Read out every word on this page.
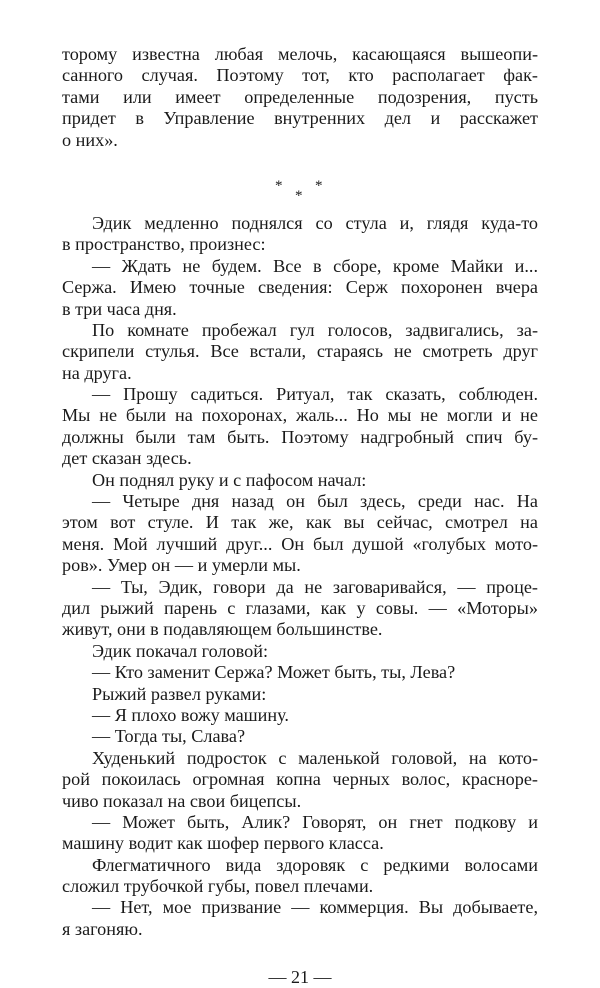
торому известна любая мелочь, касающаяся вышеопи-
санного случая. Поэтому тот, кто располагает фак-
тами или имеет определенные подозрения, пусть
придет в Управление внутренних дел и расскажет
о них».
*
*
*
Эдик медленно поднялся со стула и, глядя куда-то
в пространство, произнес:
— Ждать не будем. Все в сборе, кроме Майки и...
Сержа. Имею точные сведения: Серж похоронен вчера
в три часа дня.
По комнате пробежал гул голосов, задвигались, за-
скрипели стулья. Все встали, стараясь не смотреть друг
на друга.
— Прошу садиться. Ритуал, так сказать, соблюден.
Мы не были на похоронах, жаль... Но мы не могли и не
должны были там быть. Поэтому надгробный спич бу-
дет сказан здесь.
Он поднял руку и с пафосом начал:
— Четыре дня назад он был здесь, среди нас. На
этом вот стуле. И так же, как вы сейчас, смотрел на
меня. Мой лучший друг... Он был душой «голубых мото-
ров». Умер он — и умерли мы.
— Ты, Эдик, говори да не заговаривайся, — проце-
дил рыжий парень с глазами, как у совы. — «Моторы»
живут, они в подавляющем большинстве.
Эдик покачал головой:
— Кто заменит Сержа? Может быть, ты, Лева?
Рыжий развел руками:
— Я плохо вожу машину.
— Тогда ты, Слава?
Худенький подросток с маленькой головой, на кото-
рой покоилась огромная копна черных волос, красноре-
чиво показал на свои бицепсы.
— Может быть, Алик? Говорят, он гнет подкову и
машину водит как шофер первого класса.
Флегматичного вида здоровяк с редкими волосами
сложил трубочкой губы, повел плечами.
— Нет, мое призвание — коммерция. Вы добываете,
я загоняю.
— 21 —
